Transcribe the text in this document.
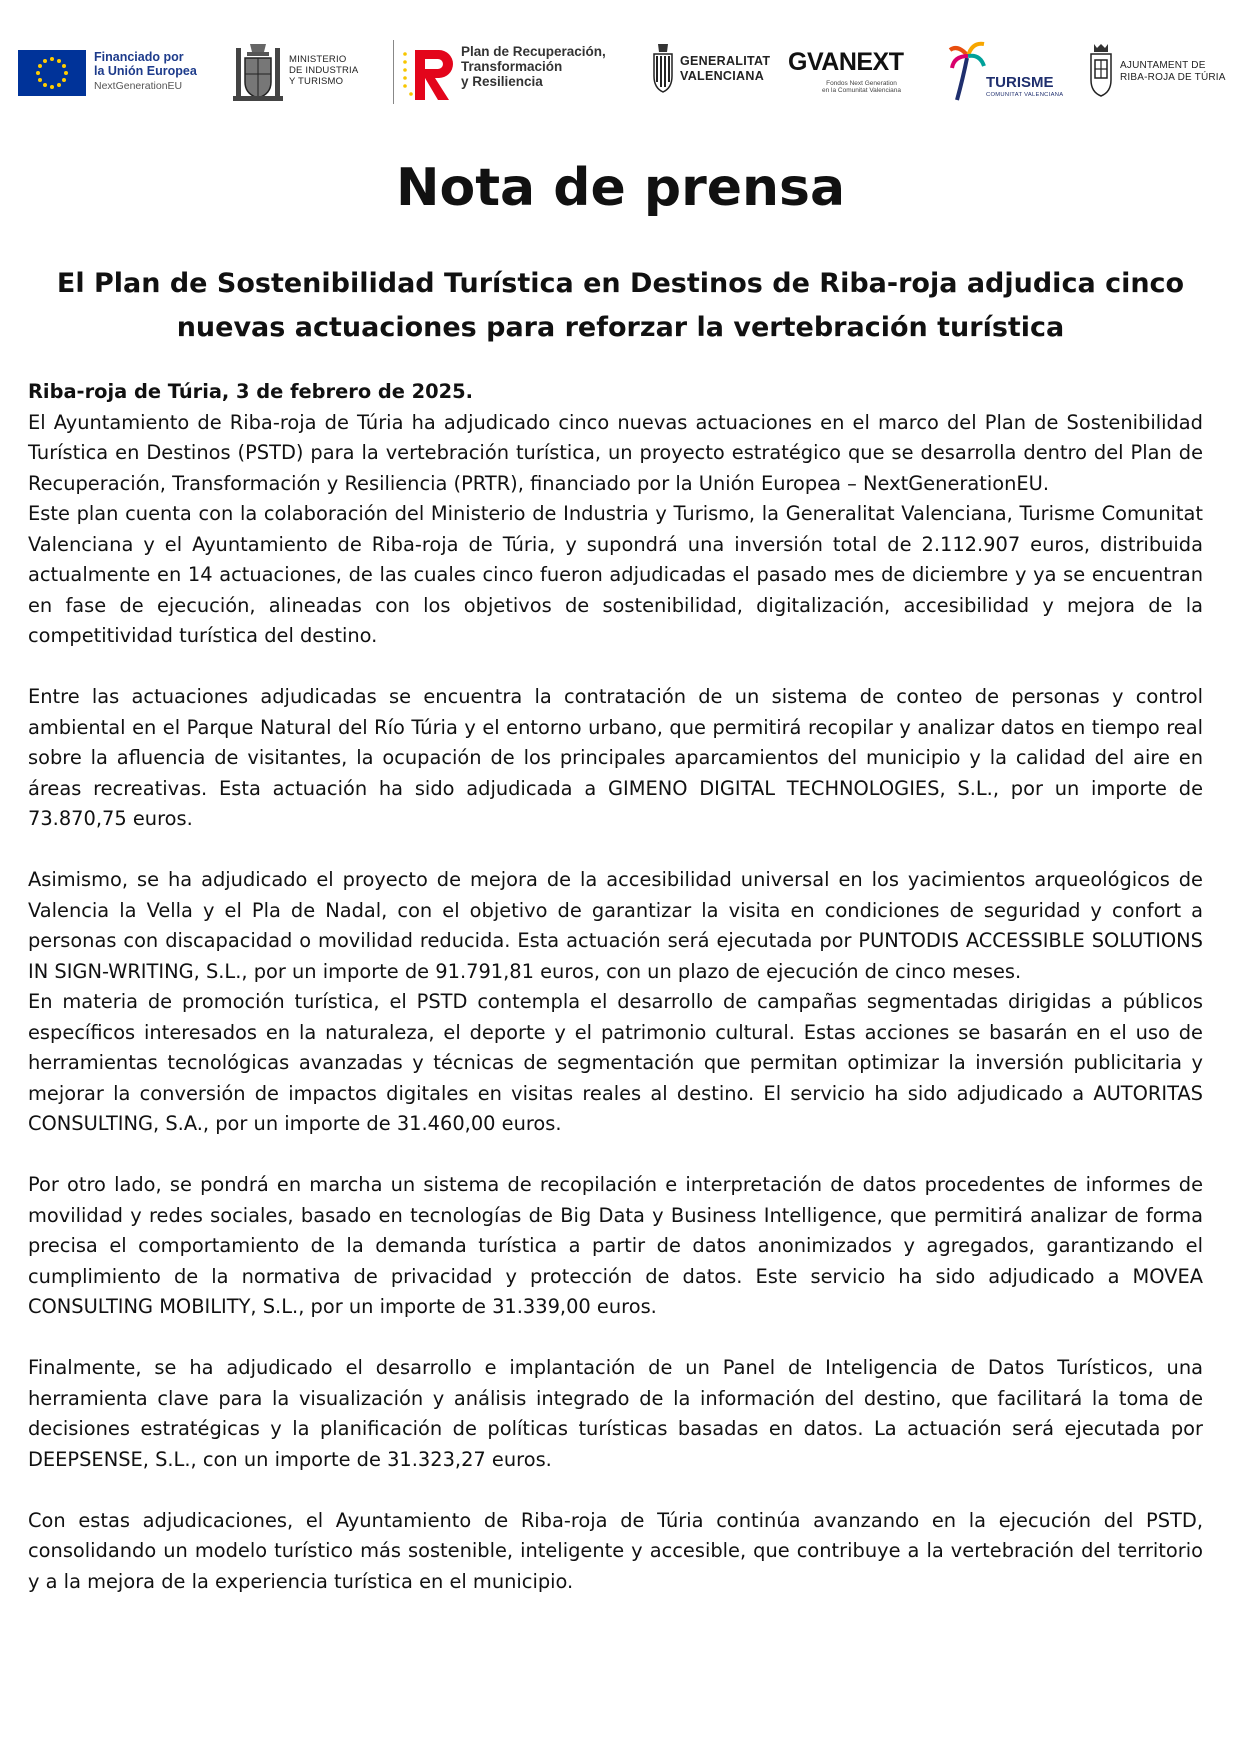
Financiado por
la Unión Europea
NextGenerationEU
MINISTERIO
DE INDUSTRIA
Y TURISMO
Plan de Recuperación,
Transformación
y Resiliencia
GENERALITAT
VALENCIANA GVANEXT
Fondos Next Generation
en la Comunitat Valenciana	TURISME
COMUNITAT VALENCIANA
AJUNTAMENT DE
RIBA-ROJA DE TÚRIA
Nota de prensa
El Plan de Sostenibilidad Turística en Destinos de Riba-roja adjudica cinco nuevas actuaciones para reforzar la vertebración turística

Riba-roja de Túria, 3 de febrero de 2025.

El Ayuntamiento de Riba-roja de Túria ha adjudicado cinco nuevas actuaciones en el marco del Plan de Sostenibilidad Turística en Destinos (PSTD) para la vertebración turística, un proyecto estratégico que se desarrolla dentro del Plan de Recuperación, Transformación y Resiliencia (PRTR), financiado por la Unión Europea – NextGenerationEU.

Este plan cuenta con la colaboración del Ministerio de Industria y Turismo, la Generalitat Valenciana, Turisme Comunitat Valenciana y el Ayuntamiento de Riba-roja de Túria, y supondrá una inversión total de 2.112.907 euros, distribuida actualmente en 14 actuaciones, de las cuales cinco fueron adjudicadas el pasado mes de diciembre y ya se encuentran en fase de ejecución, alineadas con los objetivos de sostenibilidad, digitalización, accesibilidad y mejora de la competitividad turística del destino.

Entre las actuaciones adjudicadas se encuentra la contratación de un sistema de conteo de personas y control ambiental en el Parque Natural del Río Túria y el entorno urbano, que permitirá recopilar y analizar datos en tiempo real sobre la afluencia de visitantes, la ocupación de los principales aparcamientos del municipio y la calidad del aire en áreas recreativas. Esta actuación ha sido adjudicada a GIMENO DIGITAL TECHNOLOGIES, S.L., por un importe de 73.870,75 euros.

Asimismo, se ha adjudicado el proyecto de mejora de la accesibilidad universal en los yacimientos arqueológicos de Valencia la Vella y el Pla de Nadal, con el objetivo de garantizar la visita en condiciones de seguridad y confort a personas con discapacidad o movilidad reducida. Esta actuación será ejecutada por PUNTODIS ACCESSIBLE SOLUTIONS IN SIGN-WRITING, S.L., por un importe de 91.791,81 euros, con un plazo de ejecución de cinco meses.

En materia de promoción turística, el PSTD contempla el desarrollo de campañas segmentadas dirigidas a públicos específicos interesados en la naturaleza, el deporte y el patrimonio cultural. Estas acciones se basarán en el uso de herramientas tecnológicas avanzadas y técnicas de segmentación que permitan optimizar la inversión publicitaria y mejorar la conversión de impactos digitales en visitas reales al destino. El servicio ha sido adjudicado a AUTORITAS CONSULTING, S.A., por un importe de 31.460,00 euros.

Por otro lado, se pondrá en marcha un sistema de recopilación e interpretación de datos procedentes de informes de movilidad y redes sociales, basado en tecnologías de Big Data y Business Intelligence, que permitirá analizar de forma precisa el comportamiento de la demanda turística a partir de datos anonimizados y agregados, garantizando el cumplimiento de la normativa de privacidad y protección de datos. Este servicio ha sido adjudicado a MOVEA CONSULTING MOBILITY, S.L., por un importe de 31.339,00 euros.

Finalmente, se ha adjudicado el desarrollo e implantación de un Panel de Inteligencia de Datos Turísticos, una herramienta clave para la visualización y análisis integrado de la información del destino, que facilitará la toma de decisiones estratégicas y la planificación de políticas turísticas basadas en datos. La actuación será ejecutada por DEEPSENSE, S.L., con un importe de 31.323,27 euros.

Con estas adjudicaciones, el Ayuntamiento de Riba-roja de Túria continúa avanzando en la ejecución del PSTD, consolidando un modelo turístico más sostenible, inteligente y accesible, que contribuye a la vertebración del territorio y a la mejora de la experiencia turística en el municipio.
